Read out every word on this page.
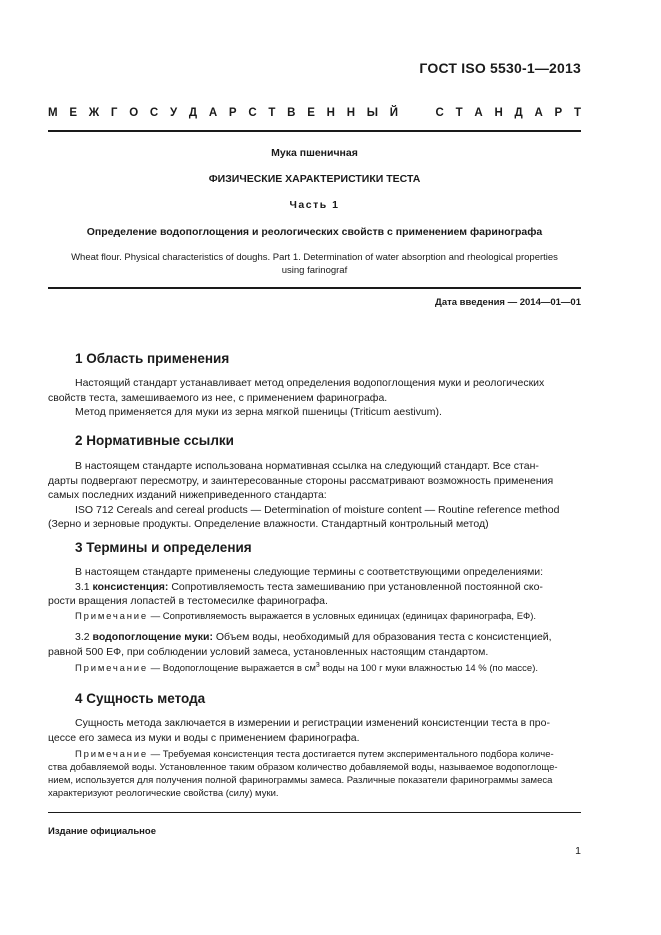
ГОСТ ISO 5530-1—2013
М Е Ж Г О С У Д А Р С Т В Е Н Н Ы Й	С Т А Н Д А Р Т
Мука пшеничная
ФИЗИЧЕСКИЕ ХАРАКТЕРИСТИКИ ТЕСТА
Часть 1
Определение водопоглощения и реологических свойств с применением фаринографа
Wheat flour. Physical characteristics of doughs. Part 1. Determination of water absorption and rheological properties
using farinograf
Дата введения — 2014—01—01
1 Область применения

Настоящий стандарт устанавливает метод определения водопоглощения муки и реологических

свойств теста, замешиваемого из нее, с применением фаринографа.

Метод применяется для муки из зерна мягкой пшеницы (Triticum aestivum).

2 Нормативные ссылки

В настоящем стандарте использована нормативная ссылка на следующий стандарт. Все стан-

дарты подвергают пересмотру, и заинтересованные стороны рассматривают возможность применения

самых последних изданий нижеприведенного стандарта:

ISO 712 Cereals and cereal products — Determination of moisture content — Routine reference method

(Зерно и зерновые продукты. Определение влажности. Стандартный контрольный метод)

3 Термины и определения

В настоящем стандарте применены следующие термины с соответствующими определениями:

3.1 консистенция: Сопротивляемость теста замешиванию при установленной постоянной ско-

рости вращения лопастей в тестомесилке фаринографа.

Примечание — Сопротивляемость выражается в условных единицах (единицах фаринографа, ЕФ).

3.2 водопоглощение муки: Объем воды, необходимый для образования теста с консистенцией,

равной 500 ЕФ, при соблюдении условий замеса, установленных настоящим стандартом.

Примечание — Водопоглощение выражается в $см^3$ воды на 100 г муки влажностью 14 % (по массе).
4 Сущность метода

Сущность метода заключается в измерении и регистрации изменений консистенции теста в про-

цессе его замеса из муки и воды с применением фаринографа.

Примечание — Требуемая консистенция теста достигается путем экспериментального подбора количе-
ства добавляемой воды. Установленное таким образом количество добавляемой воды, называемое водопоглоще-
нием, используется для получения полной фаринограммы замеса. Различные показатели фаринограммы замеса
характеризуют реологические свойства (силу) муки.
Издание официальное
1
